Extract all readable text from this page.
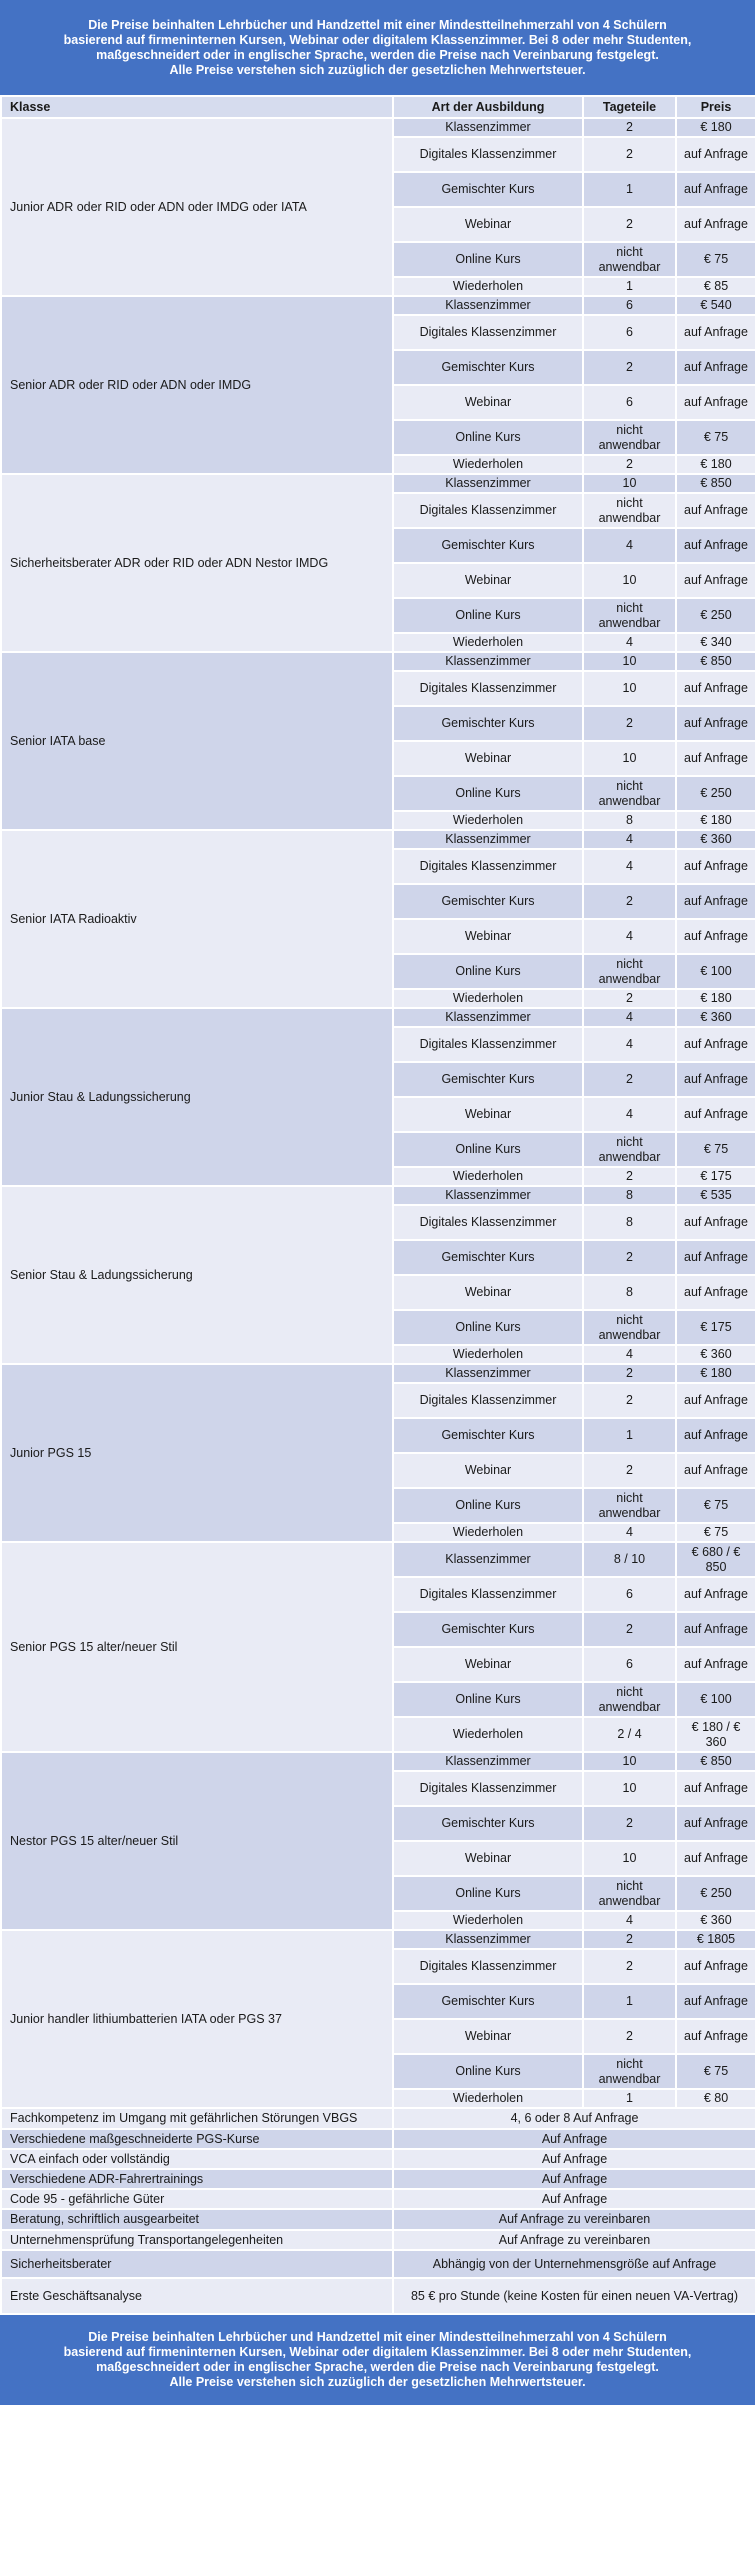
Die Preise beinhalten Lehrbücher und Handzettel mit einer Mindestteilnehmerzahl von 4 Schülern
basierend auf firmeninternen Kursen, Webinar oder digitalem Klassenzimmer. Bei 8 oder mehr Studenten,
maßgeschneidert oder in englischer Sprache, werden die Preise nach Vereinbarung festgelegt.
Alle Preise verstehen sich zuzüglich der gesetzlichen Mehrwertsteuer.
Klasse	Art der Ausbildung	Tageteile	Preis
Junior ADR oder RID oder ADN oder IMDG oder IATA	Klassenzimmer	2	€ 180
	Digitales Klassenzimmer	2	auf Anfrage
	Gemischter Kurs	1	auf Anfrage
	Webinar	2	auf Anfrage
	Online Kurs	nicht anwendbar	€ 75
	Wiederholen	1	€ 85
Senior ADR oder RID oder ADN oder IMDG	Klassenzimmer	6	€ 540
	Digitales Klassenzimmer	6	auf Anfrage
	Gemischter Kurs	2	auf Anfrage
	Webinar	6	auf Anfrage
	Online Kurs	nicht anwendbar	€ 75
	Wiederholen	2	€ 180
Sicherheitsberater ADR oder RID oder ADN Nestor IMDG	Klassenzimmer	10	€ 850
	Digitales Klassenzimmer	nicht anwendbar	auf Anfrage
	Gemischter Kurs	4	auf Anfrage
	Webinar	10	auf Anfrage
	Online Kurs	nicht anwendbar	€ 250
	Wiederholen	4	€ 340
Senior IATA base	Klassenzimmer	10	€ 850
	Digitales Klassenzimmer	10	auf Anfrage
	Gemischter Kurs	2	auf Anfrage
	Webinar	10	auf Anfrage
	Online Kurs	nicht anwendbar	€ 250
	Wiederholen	8	€ 180
Senior IATA Radioaktiv	Klassenzimmer	4	€ 360
	Digitales Klassenzimmer	4	auf Anfrage
	Gemischter Kurs	2	auf Anfrage
	Webinar	4	auf Anfrage
	Online Kurs	nicht anwendbar	€ 100
	Wiederholen	2	€ 180
Junior Stau & Ladungssicherung	Klassenzimmer	4	€ 360
	Digitales Klassenzimmer	4	auf Anfrage
	Gemischter Kurs	2	auf Anfrage
	Webinar	4	auf Anfrage
	Online Kurs	nicht anwendbar	€ 75
	Wiederholen	2	€ 175
Senior Stau & Ladungssicherung	Klassenzimmer	8	€ 535
	Digitales Klassenzimmer	8	auf Anfrage
	Gemischter Kurs	2	auf Anfrage
	Webinar	8	auf Anfrage
	Online Kurs	nicht anwendbar	€ 175
	Wiederholen	4	€ 360
Junior PGS 15	Klassenzimmer	2	€ 180
	Digitales Klassenzimmer	2	auf Anfrage
	Gemischter Kurs	1	auf Anfrage
	Webinar	2	auf Anfrage
	Online Kurs	nicht anwendbar	€ 75
	Wiederholen	4	€ 75
Senior PGS 15 alter/neuer Stil	Klassenzimmer	8 / 10	€ 680 / € 850
	Digitales Klassenzimmer	6	auf Anfrage
	Gemischter Kurs	2	auf Anfrage
	Webinar	6	auf Anfrage
	Online Kurs	nicht anwendbar	€ 100
	Wiederholen	2 / 4	€ 180 / € 360
Nestor PGS 15 alter/neuer Stil	Klassenzimmer	10	€ 850
	Digitales Klassenzimmer	10	auf Anfrage
	Gemischter Kurs	2	auf Anfrage
	Webinar	10	auf Anfrage
	Online Kurs	nicht anwendbar	€ 250
	Wiederholen	4	€ 360
Junior handler lithiumbatterien IATA oder PGS 37	Klassenzimmer	2	€ 1805
	Digitales Klassenzimmer	2	auf Anfrage
	Gemischter Kurs	1	auf Anfrage
	Webinar	2	auf Anfrage
	Online Kurs	nicht anwendbar	€ 75
	Wiederholen	1	€ 80
Fachkompetenz im Umgang mit gefährlichen Störungen VBGS	4, 6 oder 8 Auf Anfrage		
Verschiedene maßgeschneiderte PGS-Kurse	Auf Anfrage		
VCA einfach oder vollständig	Auf Anfrage		
Verschiedene ADR-Fahrertrainings	Auf Anfrage		
Code 95 - gefährliche Güter	Auf Anfrage		
Beratung, schriftlich ausgearbeitet	Auf Anfrage zu vereinbaren		
Unternehmensprüfung Transportangelegenheiten	Auf Anfrage zu vereinbaren		
Sicherheitsberater	Abhängig von der Unternehmensgröße auf Anfrage		
Erste Geschäftsanalyse	85 € pro Stunde (keine Kosten für einen neuen VA-Vertrag)		
Die Preise beinhalten Lehrbücher und Handzettel mit einer Mindestteilnehmerzahl von 4 Schülern
basierend auf firmeninternen Kursen, Webinar oder digitalem Klassenzimmer. Bei 8 oder mehr Studenten,
maßgeschneidert oder in englischer Sprache, werden die Preise nach Vereinbarung festgelegt.
Alle Preise verstehen sich zuzüglich der gesetzlichen Mehrwertsteuer.
